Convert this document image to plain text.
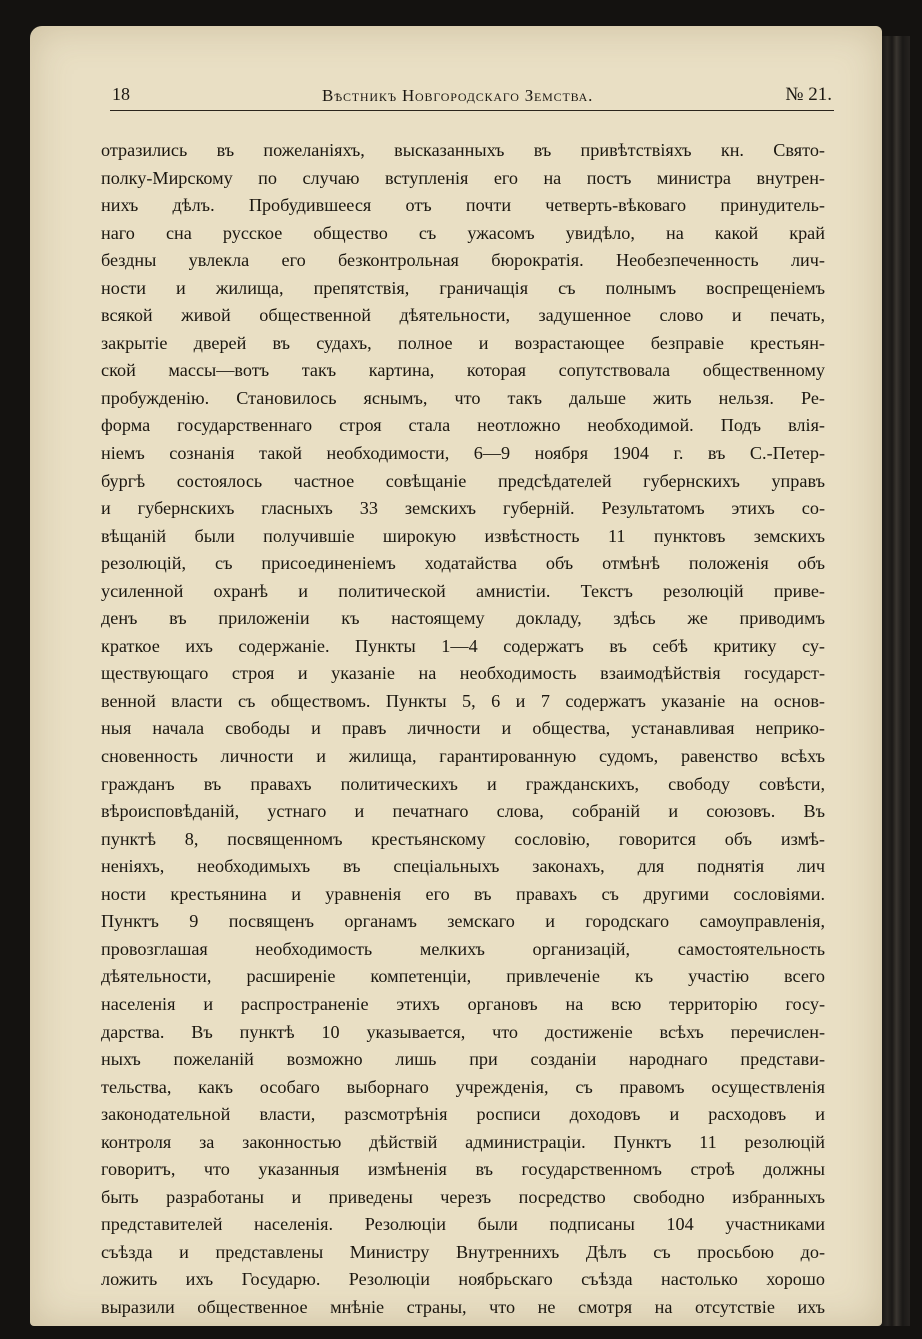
18	Вѣстникъ Новгородскаго Земства.	№ 21.
отразились въ пожеланіяхъ, высказанныхъ въ привѣтствіяхъ кн. Свято-
полку-Мирскому по случаю вступленія его на постъ министра внутрен-
нихъ дѣлъ. Пробудившееся отъ почти четверть-вѣковаго принудитель-
наго сна русское общество съ ужасомъ увидѣло, на какой край
бездны увлекла его безконтрольная бюрократія. Необезпеченность лич-
ности и жилища, препятствія, граничащія съ полнымъ воспрещеніемъ
всякой живой общественной дѣятельности, задушенное слово и печать,
закрытіе дверей въ судахъ, полное и возрастающее безправіе крестьян-
ской массы—вотъ такъ картина, которая сопутствовала общественному
пробужденію. Становилось яснымъ, что такъ дальше жить нельзя. Ре-
форма государственнаго строя стала неотложно необходимой. Подъ влія-
ніемъ сознанія такой необходимости, 6—9 ноября 1904 г. въ С.-Петер-
бургѣ состоялось частное совѣщаніе предсѣдателей губернскихъ управъ
и губернскихъ гласныхъ 33 земскихъ губерній. Результатомъ этихъ со-
вѣщаній были получившіе широкую извѣстность 11 пунктовъ земскихъ
резолюцій, съ присоединеніемъ ходатайства объ отмѣнѣ положенія объ
усиленной охранѣ и политической амнистіи. Текстъ резолюцій приве-
денъ въ приложеніи къ настоящему докладу, здѣсь же приводимъ
краткое ихъ содержаніе. Пункты 1—4 содержатъ въ себѣ критику су-
ществующаго строя и указаніе на необходимость взаимодѣйствія государст-
венной власти съ обществомъ. Пункты 5, 6 и 7 содержатъ указаніе на основ-
ныя начала свободы и правъ личности и общества, устанавливая неприко-
сновенность личности и жилища, гарантированную судомъ, равенство всѣхъ
гражданъ въ правахъ политическихъ и гражданскихъ, свободу совѣсти,
вѣроисповѣданій, устнаго и печатнаго слова, собраній и союзовъ. Въ
пунктѣ 8, посвященномъ крестьянскому сословію, говорится объ измѣ-
неніяхъ, необходимыхъ въ спеціальныхъ законахъ, для поднятія лич
ности крестьянина и уравненія его въ правахъ съ другими сословіями.
Пунктъ 9 посвященъ органамъ земскаго и городскаго самоуправленія,
провозглашая необходимость мелкихъ организацій, самостоятельность
дѣятельности, расширеніе компетенціи, привлеченіе къ участію всего
населенія и распространеніе этихъ органовъ на всю территорію госу-
дарства. Въ пунктѣ 10 указывается, что достиженіе всѣхъ перечислен-
ныхъ пожеланій возможно лишь при созданіи народнаго представи-
тельства, какъ особаго выборнаго учрежденія, съ правомъ осуществленія
законодательной власти, разсмотрѣнія росписи доходовъ и расходовъ и
контроля за законностью дѣйствій администраціи. Пунктъ 11 резолюцій
говоритъ, что указанныя измѣненія въ государственномъ строѣ должны
быть разработаны и приведены черезъ посредство свободно избранныхъ
представителей населенія. Резолюціи были подписаны 104 участниками
съѣзда и представлены Министру Внутреннихъ Дѣлъ съ просьбою до-
ложить ихъ Государю. Резолюціи ноябрьскаго съѣзда настолько хорошо
выразили общественное мнѣніе страны, что не смотря на отсутствіе ихъ
